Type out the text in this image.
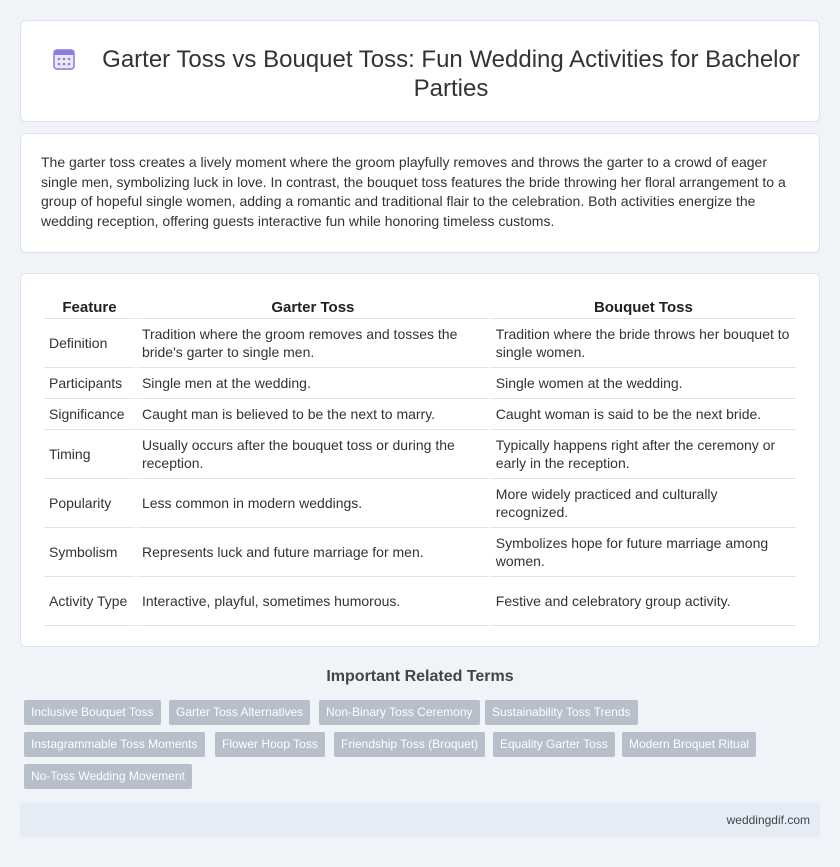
Garter Toss vs Bouquet Toss: Fun Wedding Activities for Bachelor Parties

The garter toss creates a lively moment where the groom playfully removes and throws the garter to a crowd of eager single men, symbolizing luck in love. In contrast, the bouquet toss features the bride throwing her floral arrangement to a group of hopeful single women, adding a romantic and traditional flair to the celebration. Both activities energize the wedding reception, offering guests interactive fun while honoring timeless customs.

Feature	Garter Toss	Bouquet Toss
Definition	Tradition where the groom removes and tosses the bride's garter to single men.	Tradition where the bride throws her bouquet to single women.
Participants	Single men at the wedding.	Single women at the wedding.
Significance	Caught man is believed to be the next to marry.	Caught woman is said to be the next bride.
Timing	Usually occurs after the bouquet toss or during the reception.	Typically happens right after the ceremony or early in the reception.
Popularity	Less common in modern weddings.	More widely practiced and culturally recognized.
Symbolism	Represents luck and future marriage for men.	Symbolizes hope for future marriage among women.
Activity Type	Interactive, playful, sometimes humorous.	Festive and celebratory group activity.
Important Related Terms
Inclusive Bouquet Toss	Garter Toss Alternatives	Non-Binary Toss Ceremony	Sustainability Toss Trends
Instagrammable Toss Moments	Flower Hoop Toss	Friendship Toss (Broquet)	Equality Garter Toss	Modern Broquet Ritual
No-Toss Wedding Movement
weddingdif.com
